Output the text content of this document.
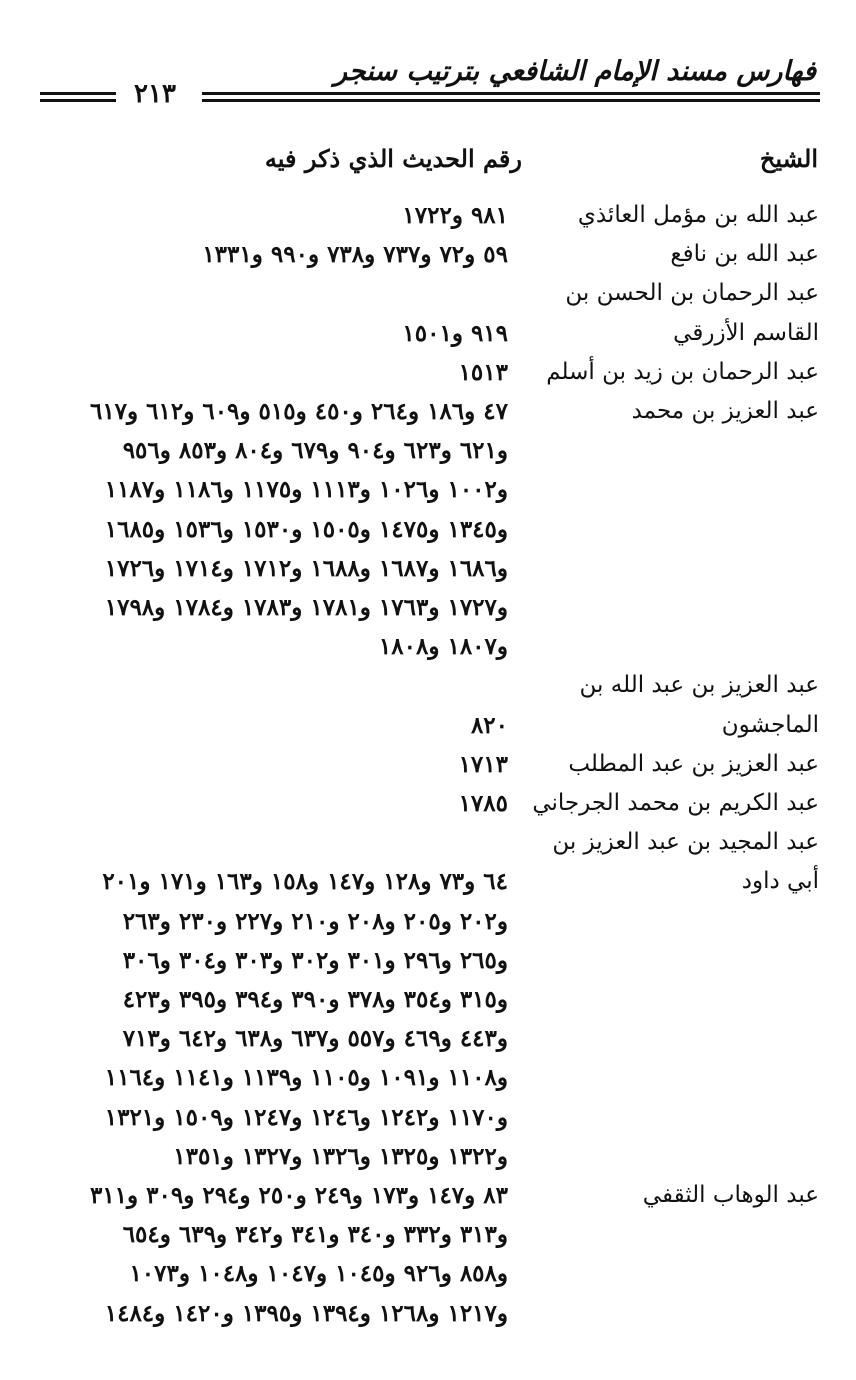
فهارس مسند الإمام الشافعي بترتيب سنجر
٢١٣
الشيخ
رقم الحديث الذي ذكر فيه
عبد الله بن مؤمل العائذي
٩٨١ و١٧٢٢
عبد الله بن نافع
٥٩ و٧٢ و٧٣٧ و٧٣٨ و٩٩٠ و١٣٣١
عبد الرحمان بن الحسن بن
القاسم الأزرقي

٩١٩ و١٥٠١
عبد الرحمان بن زيد بن أسلم
١٥١٣
عبد العزيز بن محمد
٤٧ و١٨٦ و٢٦٤ و٤٥٠ و٥١٥ و٦٠٩ و٦١٢ و٦١٧
و٦٢١ و٦٢٣ و٩٠٤ و٦٧٩ و٨٠٤ و٨٥٣ و٩٥٦
و١٠٠٢ و١٠٢٦ و١١١٣ و١١٧٥ و١١٨٦ و١١٨٧
و١٣٤٥ و١٤٧٥ و١٥٠٥ و١٥٣٠ و١٥٣٦ و١٦٨٥
و١٦٨٦ و١٦٨٧ و١٦٨٨ و١٧١٢ و١٧١٤ و١٧٢٦
و١٧٢٧ و١٧٦٣ و١٧٨١ و١٧٨٣ و١٧٨٤ و١٧٩٨
و١٨٠٧ و١٨٠٨
عبد العزيز بن عبد الله بن
الماجشون

٨٢٠
عبد العزيز بن عبد المطلب
١٧١٣
عبد الكريم بن محمد الجرجاني
١٧٨٥
عبد المجيد بن عبد العزيز بن
أبي داود

٦٤ و٧٣ و١٢٨ و١٤٧ و١٥٨ و١٦٣ و١٧١ و٢٠١
و٢٠٢ و٢٠٥ و٢٠٨ و٢١٠ و٢٢٧ و٢٣٠ و٢٦٣
و٢٦٥ و٢٩٦ و٣٠١ و٣٠٢ و٣٠٣ و٣٠٤ و٣٠٦
و٣١٥ و٣٥٤ و٣٧٨ و٣٩٠ و٣٩٤ و٣٩٥ و٤٢٣
و٤٤٣ و٤٦٩ و٥٥٧ و٦٣٧ و٦٣٨ و٦٤٢ و٧١٣
و١١٠٨ و١٠٩١ و١١٠٥ و١١٣٩ و١١٤١ و١١٦٤
و١١٧٠ و١٢٤٢ و١٢٤٦ و١٢٤٧ و١٥٠٩ و١٣٢١
و١٣٢٢ و١٣٢٥ و١٣٢٦ و١٣٢٧ و١٣٥١
عبد الوهاب الثقفي
٨٣ و١٤٧ و١٧٣ و٢٤٩ و٢٥٠ و٢٩٤ و٣٠٩ و٣١١
و٣١٣ و٣٣٢ و٣٤٠ و٣٤١ و٣٤٢ و٦٣٩ و٦٥٤
و٨٥٨ و٩٢٦ و١٠٤٥ و١٠٤٧ و١٠٤٨ و١٠٧٣
و١٢١٧ و١٢٦٨ و١٣٩٤ و١٣٩٥ و١٤٢٠ و١٤٨٤
